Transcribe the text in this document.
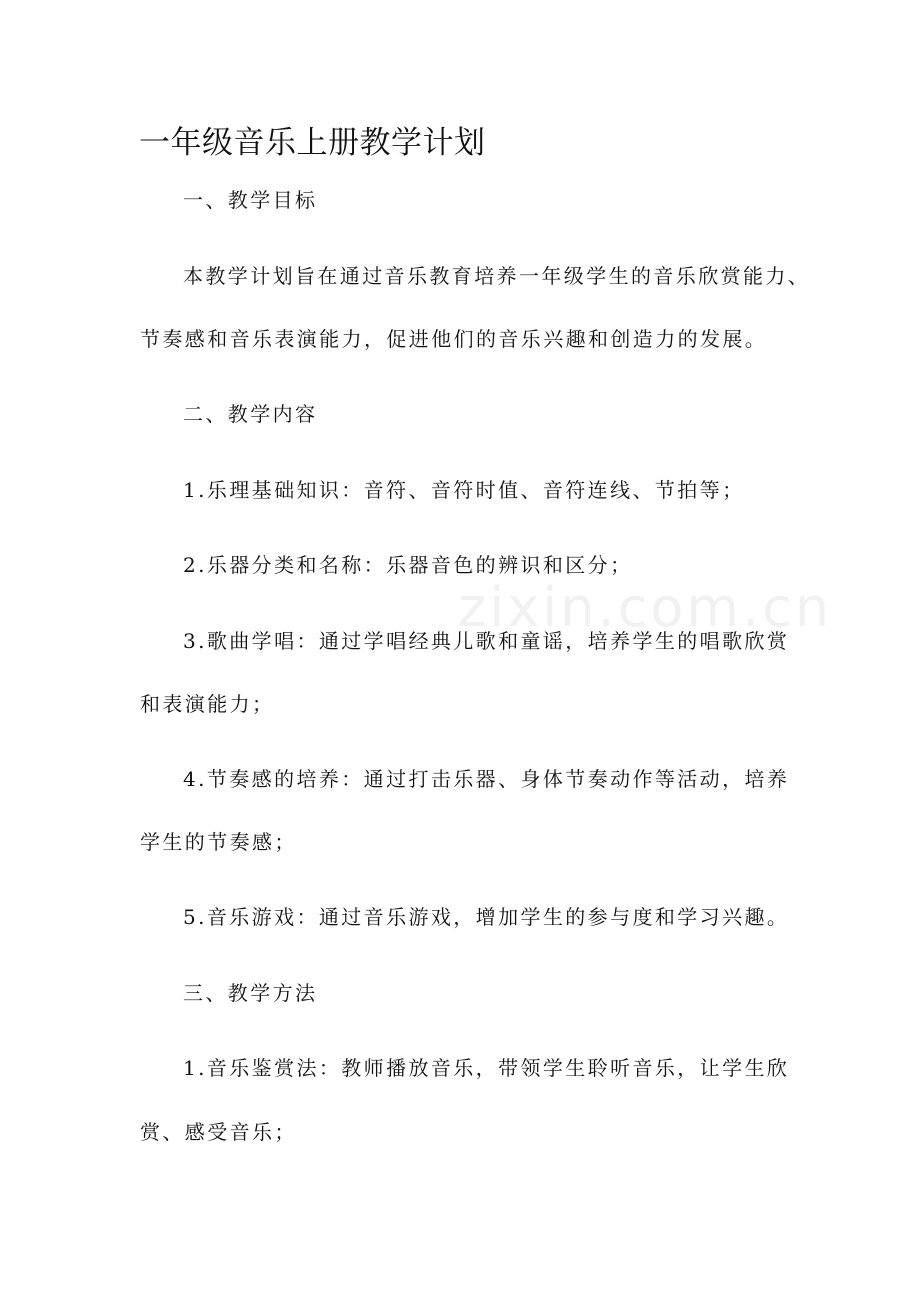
一年级音乐上册教学计划
一、教学目标
本教学计划旨在通过音乐教育培养一年级学生的音乐欣赏能力、
节奏感和音乐表演能力，促进他们的音乐兴趣和创造力的发展。
二、教学内容
1.乐理基础知识：音符、音符时值、音符连线、节拍等；
2.乐器分类和名称：乐器音色的辨识和区分；
3.歌曲学唱：通过学唱经典儿歌和童谣，培养学生的唱歌欣赏
和表演能力；
4.节奏感的培养：通过打击乐器、身体节奏动作等活动，培养
学生的节奏感；
5.音乐游戏：通过音乐游戏，增加学生的参与度和学习兴趣。
三、教学方法
1.音乐鉴赏法：教师播放音乐，带领学生聆听音乐，让学生欣
赏、感受音乐；
zixin.com.cn
